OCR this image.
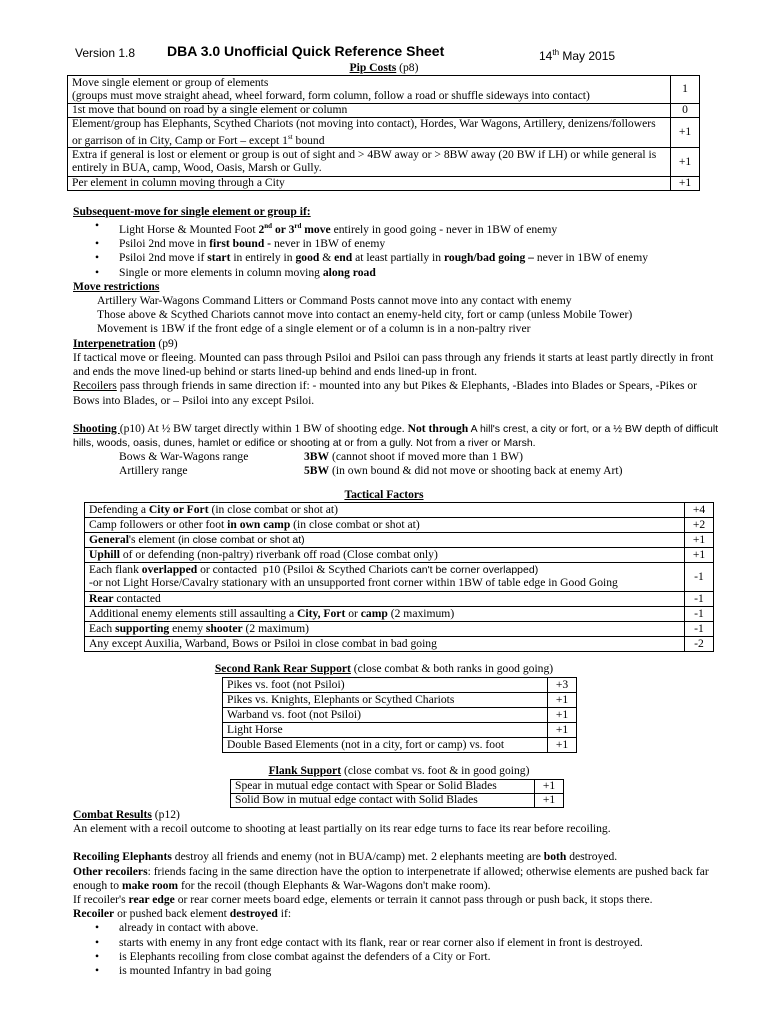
Version 1.8 DBA 3.0 Unofficial Quick Reference Sheet	14th May 2015
Pip Costs (p8)
Move single element or group of elements
(groups must move straight ahead, wheel forward, form column, follow a road or shuffle sideways into contact)	1
1st move that bound on road by a single element or column	0
Element/group has Elephants, Scythed Chariots (not moving into contact), Hordes, War Wagons, Artillery, denizens/followers or garrison of in City, Camp or Fort – except 1st bound	+1
Extra if general is lost or element or group is out of sight and > 4BW away or > 8BW away (20 BW if LH) or while general is entirely in BUA, camp, Wood, Oasis, Marsh or Gully.	+1
Per element in column moving through a City	+1
Subsequent-move for single element or group if:
• Light Horse & Mounted Foot 2nd or 3rd move entirely in good going - never in 1BW of enemy
• Psiloi 2nd move in first bound - never in 1BW of enemy
• Psiloi 2nd move if start in entirely in good & end at least partially in rough/bad going – never in 1BW of enemy
• Single or more elements in column moving along road
Move restrictions
Artillery War-Wagons Command Litters or Command Posts cannot move into any contact with enemy
Those above & Scythed Chariots cannot move into contact an enemy-held city, fort or camp (unless Mobile Tower)
Movement is 1BW if the front edge of a single element or of a column is in a non-paltry river
Interpenetration (p9)
If tactical move or fleeing. Mounted can pass through Psiloi and Psiloi can pass through any friends it starts at least partly directly in front and ends the move lined-up behind or starts lined-up behind and ends lined-up in front.
Recoilers pass through friends in same direction if: - mounted into any but Pikes & Elephants, -Blades into Blades or Spears, -Pikes or Bows into Blades, or – Psiloi into any except Psiloi.
Shooting (p10) At ½ BW target directly within 1 BW of shooting edge. Not through A hill's crest, a city or fort, or a ½ BW depth of difficult hills, woods, oasis, dunes, hamlet or edifice or shooting at or from a gully. Not from a river or Marsh.
Bows & War-Wagons range	3BW (cannot shoot if moved more than 1 BW)
Artillery range	5BW (in own bound & did not move or shooting back at enemy Art)
Tactical Factors
Defending a City or Fort (in close combat or shot at)	+4
Camp followers or other foot in own camp (in close combat or shot at)	+2
General's element (in close combat or shot at)	+1
Uphill of or defending (non-paltry) riverbank off road (Close combat only)	+1
Each flank overlapped or contacted  p10 (Psiloi & Scythed Chariots can't be corner overlapped)
-or not Light Horse/Cavalry stationary with an unsupported front corner within 1BW of table edge in Good Going	-1
Rear contacted	-1
Additional enemy elements still assaulting a City, Fort or camp (2 maximum)	-1
Each supporting enemy shooter (2 maximum)	-1
Any except Auxilia, Warband, Bows or Psiloi in close combat in bad going	-2
Second Rank Rear Support (close combat & both ranks in good going)
Pikes vs. foot (not Psiloi)	+3
Pikes vs. Knights, Elephants or Scythed Chariots	+1
Warband vs. foot (not Psiloi)	+1
Light Horse	+1
Double Based Elements (not in a city, fort or camp) vs. foot	+1
Flank Support (close combat vs. foot & in good going)
Spear in mutual edge contact with Spear or Solid Blades	+1
Solid Bow in mutual edge contact with Solid Blades	+1
Combat Results (p12)
An element with a recoil outcome to shooting at least partially on its rear edge turns to face its rear before recoiling.
Recoiling Elephants destroy all friends and enemy (not in BUA/camp) met. 2 elephants meeting are both destroyed.
Other recoilers: friends facing in the same direction have the option to interpenetrate if allowed; otherwise elements are pushed back far enough to make room for the recoil (though Elephants & War-Wagons don't make room).
If recoiler's rear edge or rear corner meets board edge, elements or terrain it cannot pass through or push back, it stops there.
Recoiler or pushed back element destroyed if:
• already in contact with above.
• starts with enemy in any front edge contact with its flank, rear or rear corner also if element in front is destroyed.
• is Elephants recoiling from close combat against the defenders of a City or Fort.
• is mounted Infantry in bad going
